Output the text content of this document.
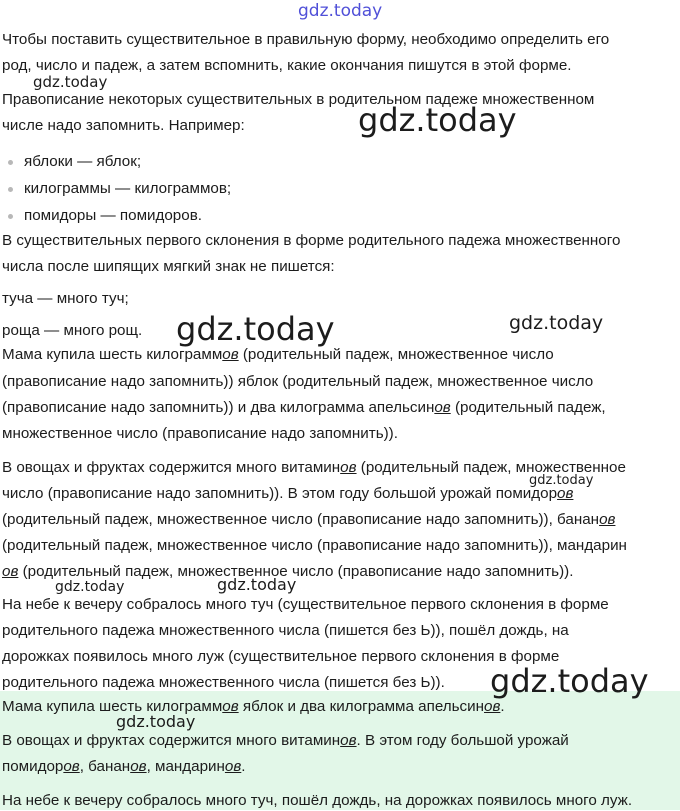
Чтобы поставить существительное в правильную форму, необходимо определить его
род, число и падеж, а затем вспомнить, какие окончания пишутся в этой форме.
Правописание некоторых существительных в родительном падеже множественном
числе надо запомнить. Например:
яблоки — яблок;
килограммы — килограммов;
помидоры — помидоров.
В существительных первого склонения в форме родительного падежа множественного
числа после шипящих мягкий знак не пишется:
туча — много туч;
роща — много рощ.
Мама купила шесть килограммов (родительный падеж, множественное число
(правописание надо запомнить)) яблок (родительный падеж, множественное число
(правописание надо запомнить)) и два килограмма апельсинов (родительный падеж,
множественное число (правописание надо запомнить)).
В овощах и фруктах содержится много витаминов (родительный падеж, множественное
число (правописание надо запомнить)). В этом году большой урожай помидоров
(родительный падеж, множественное число (правописание надо запомнить)), бананов
(родительный падеж, множественное число (правописание надо запомнить)), мандарин
ов (родительный падеж, множественное число (правописание надо запомнить)).
На небе к вечеру собралось много туч (существительное первого склонения в форме
родительного падежа множественного числа (пишется без Ь)), пошёл дождь, на
дорожках появилось много луж (существительное первого склонения в форме
родительного падежа множественного числа (пишется без Ь)).
Мама купила шесть килограммов яблок и два килограмма апельсинов.
В овощах и фруктах содержится много витаминов. В этом году большой урожай
помидоров, бананов, мандаринов.
На небе к вечеру собралось много туч, пошёл дождь, на дорожках появилось много луж.
gdz.today
gdz.today
gdz.today
gdz.today	gdz.today
gdz.today
gdz.today	gdz.today
gdz.today
gdz.today
